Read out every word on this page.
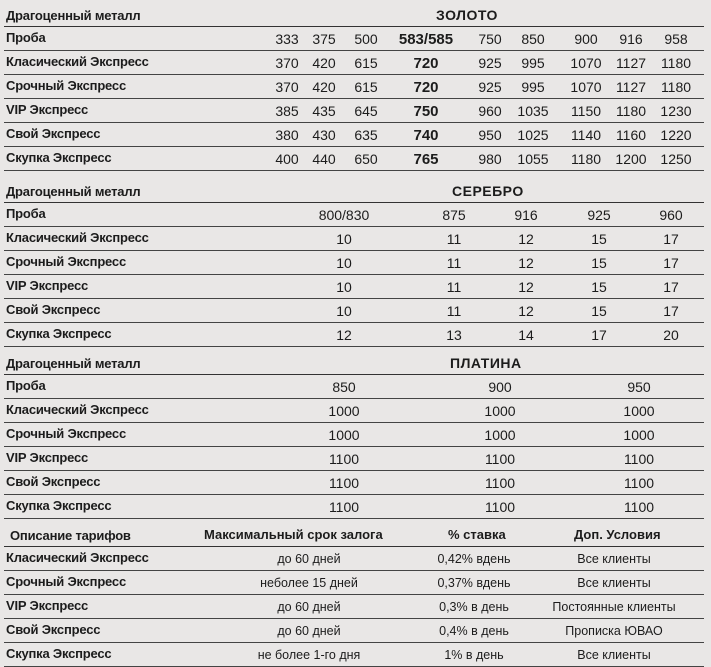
Драгоценный металл	ЗОЛОТО
Проба	333 375	500	583/585	750	850	900	916	958
Класический Экспресс	370 420	615	720	925	995	1070	1127	1180
Срочный Экспресс	370 420	615	720	925	995	1070	1127	1180
VIP Экспресс	385 435	645	750	960	1035	1150	1180	1230
Свой Экспресс	380 430	635	740	950	1025	1140	1160	1220
Скупка Экспресс	400 440	650	765	980	1055	1180	1200 1250
Драгоценный металл	СЕРЕБРО
Проба	800/830	875	916	925	960
Класический Экспресс	10	11	12	15	17
Срочный Экспресс	10	11	12	15	17
VIP Экспресс	10	11	12	15	17
Свой Экспресс	10	11	12	15	17
Скупка Экспресс	12	13	14	17	20
Драгоценный металл	ПЛАТИНА
Проба	850	900	950
Класический Экспресс	1000	1000	1000
Срочный Экспресс	1000	1000	1000
VIP Экспресс	1100	1100	1100
Свой Экспресс	1100	1100	1100
Скупка Экспресс	1100	1100	1100
Описание тарифов	Максимальный срок залога	% ставка	Доп. Условия
Класический Экспресс	до 60 дней	0,42% вдень	Все клиенты
Срочный Экспресс	неболее 15 дней	0,37% вдень	Все клиенты
VIP Экспресс	до 60 дней	0,3% в день	Постоянные клиенты
Свой Экспресс	до 60 дней	0,4% в день	Прописка ЮВАО
Скупка Экспресс	не более 1-го дня	1% в день	Все клиенты
